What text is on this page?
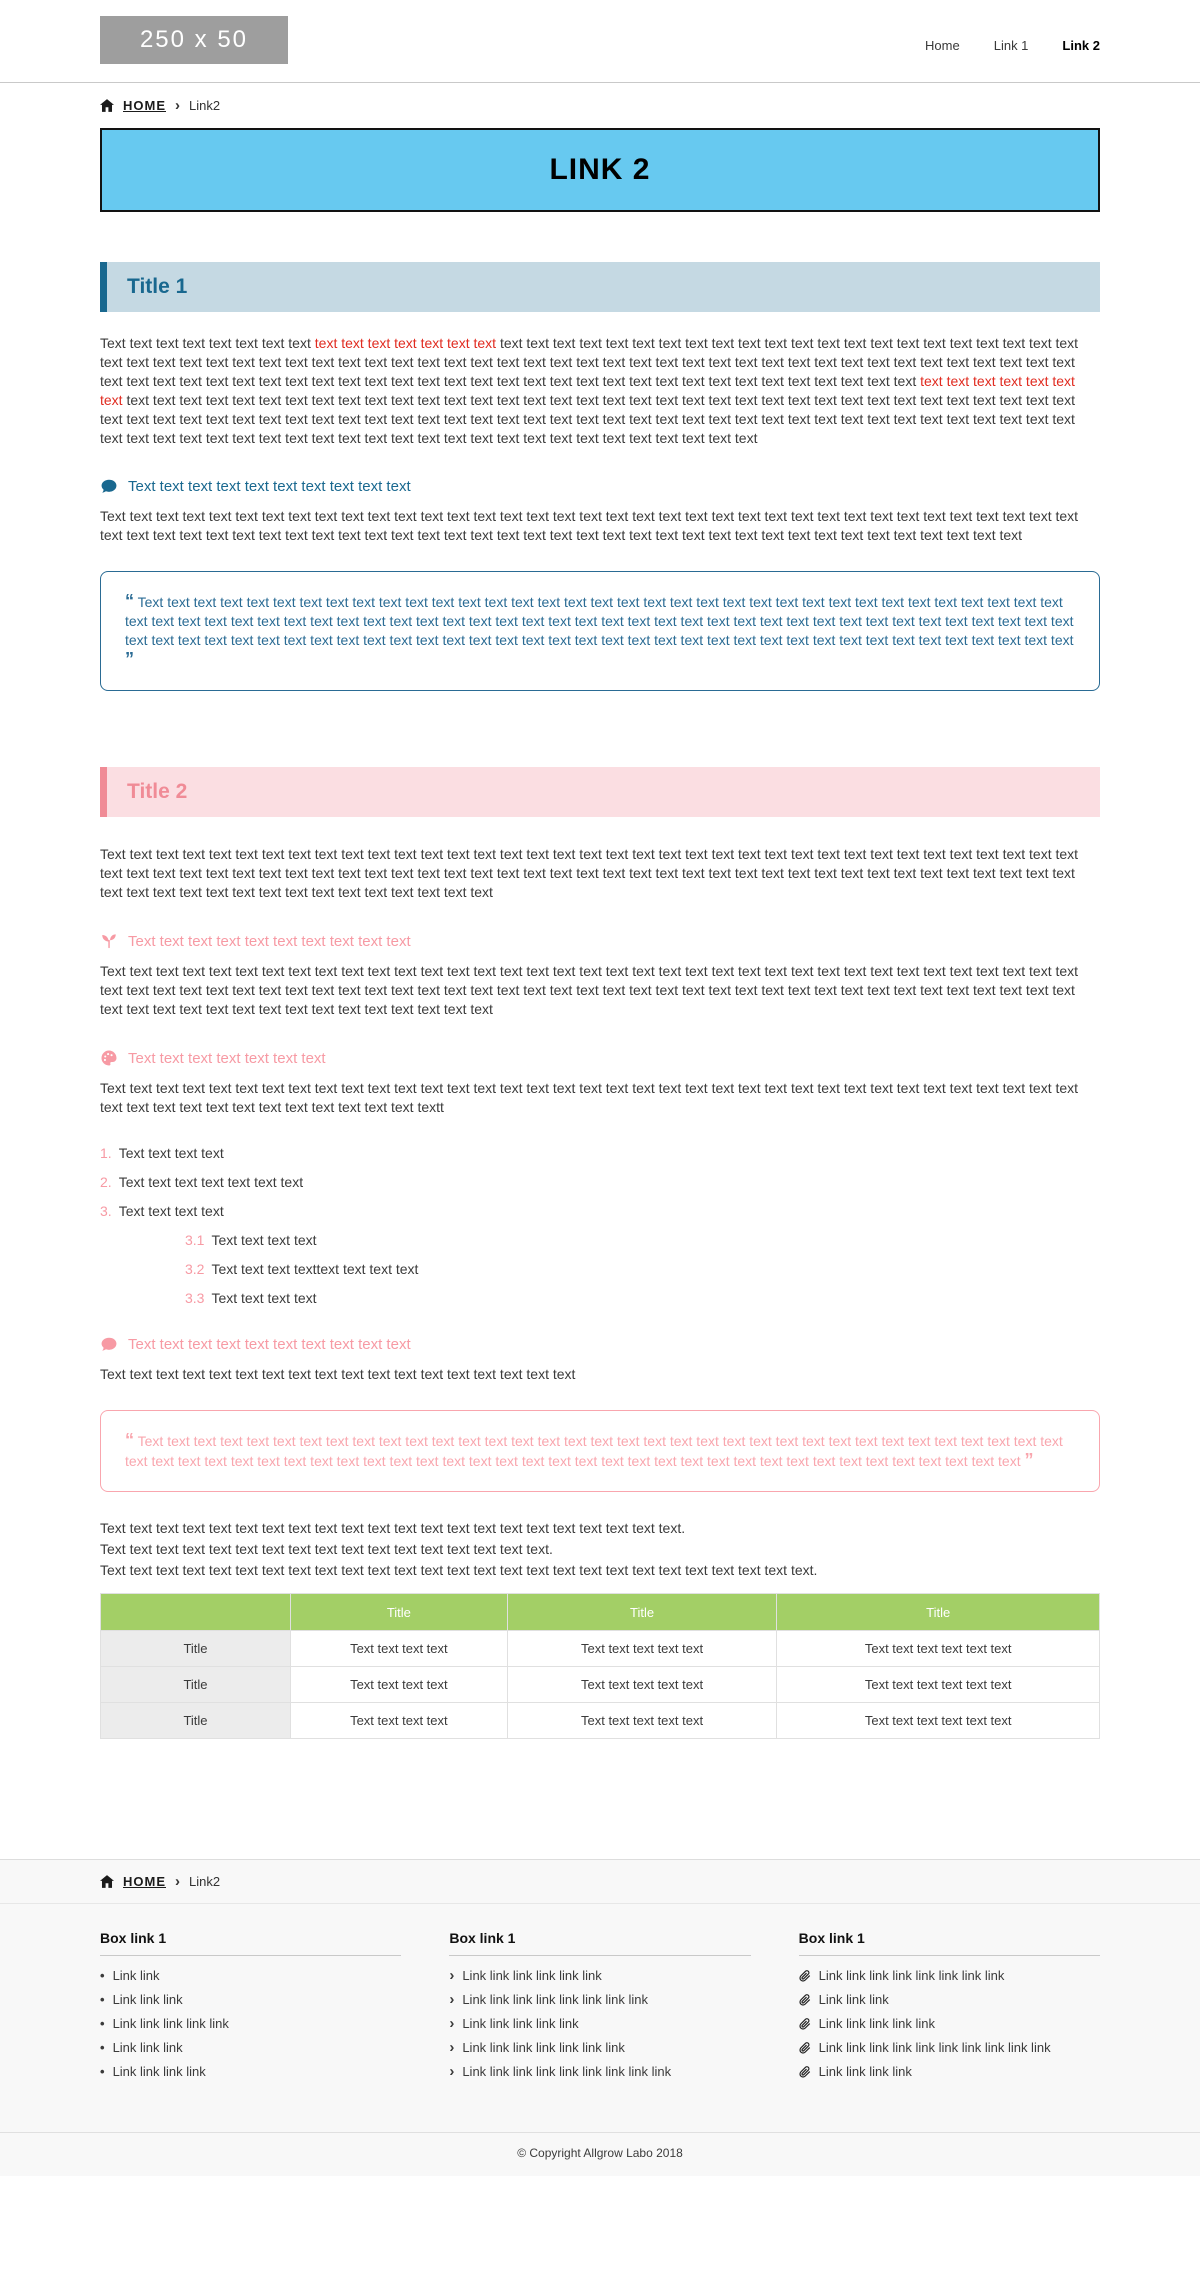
250 x 50	Home	Link 1	Link 2
HOME › Link2
LINK 2
Title 1

Text text text text text text text text text text text text text text text text text text text text text text text text text text text text text text text text text text text text text text text text text text text text text text text text text text text text text text text text text text text text text text text text text text text text text text text text text text text text text text text text text text text text text text text text text text text text text text text text text text text text text text text text text text text text text text text text text text text text text text text text text text text text text text text text text text text text text text text text text text text text text text text text text text text text text text text text text text text text text text text text text text text text text text text text text text text text text text text text text text text text text text text text text text text text text text text text text text text text text text text text text text text text text text text text text text

Text text text text text text text text text text

Text text text text text text text text text text text text text text text text text text text text text text text text text text text text text text text text text text text text text text text text text text text text text text text text text text text text text text text text text text text text text text text text text text text text text text text text

“ Text text text text text text text text text text text text text text text text text text text text text text text text text text text text text text text text text text text text text text text text text text text text text text text text text text text text text text text text text text text text text text text text text text text text text text text text text text text text text text text text text text text text text text text text text text text text text text text text text text text text text text text text text text text ”
Title 2

Text text text text text text text text text text text text text text text text text text text text text text text text text text text text text text text text text text text text text text text text text text text text text text text text text text text text text text text text text text text text text text text text text text text text text text text text text text text text text text text text text text text text text text text text text

Text text text text text text text text text text

Text text text text text text text text text text text text text text text text text text text text text text text text text text text text text text text text text text text text text text text text text text text text text text text text text text text text text text text text text text text text text text text text text text text text text text text text text text text text text text text text text text text text text text text text text

Text text text text text text text

Text text text text text text text text text text text text text text text text text text text text text text text text text text text text text text text text text text text text text text text text text text text text text text text text text textt

1. Text text text text
2. Text text text text text text text
3. Text text text text
3.1 Text text text text
3.2 Text text text texttext text text text
3.3 Text text text text
Text text text text text text text text text text

Text text text text text text text text text text text text text text text text text text

“ Text text text text text text text text text text text text text text text text text text text text text text text text text text text text text text text text text text text text text text text text text text text text text text text text text text text text text text text text text text text text text text text text text text text text text ”
Text text text text text text text text text text text text text text text text text text text text text text.
Text text text text text text text text text text text text text text text text text.
Text text text text text text text text text text text text text text text text text text text text text text text text text text text.
	Title	Title	Title
Title	Text text text text	Text text text text text	Text text text text text text
Title	Text text text text	Text text text text text	Text text text text text text
Title	Text text text text	Text text text text text	Text text text text text text
HOME › Link2
Box link 1
• Link link
• Link link link
• Link link link link link
• Link link link
• Link link link link
Box link 1
› Link link link link link link
› Link link link link link link link link
› Link link link link link
› Link link link link link link link
› Link link link link link link link link link
Box link 1
Link link link link link link link link
Link link link
Link link link link link
Link link link link link link link link link link
Link link link link
© Copyright Allgrow Labo 2018
